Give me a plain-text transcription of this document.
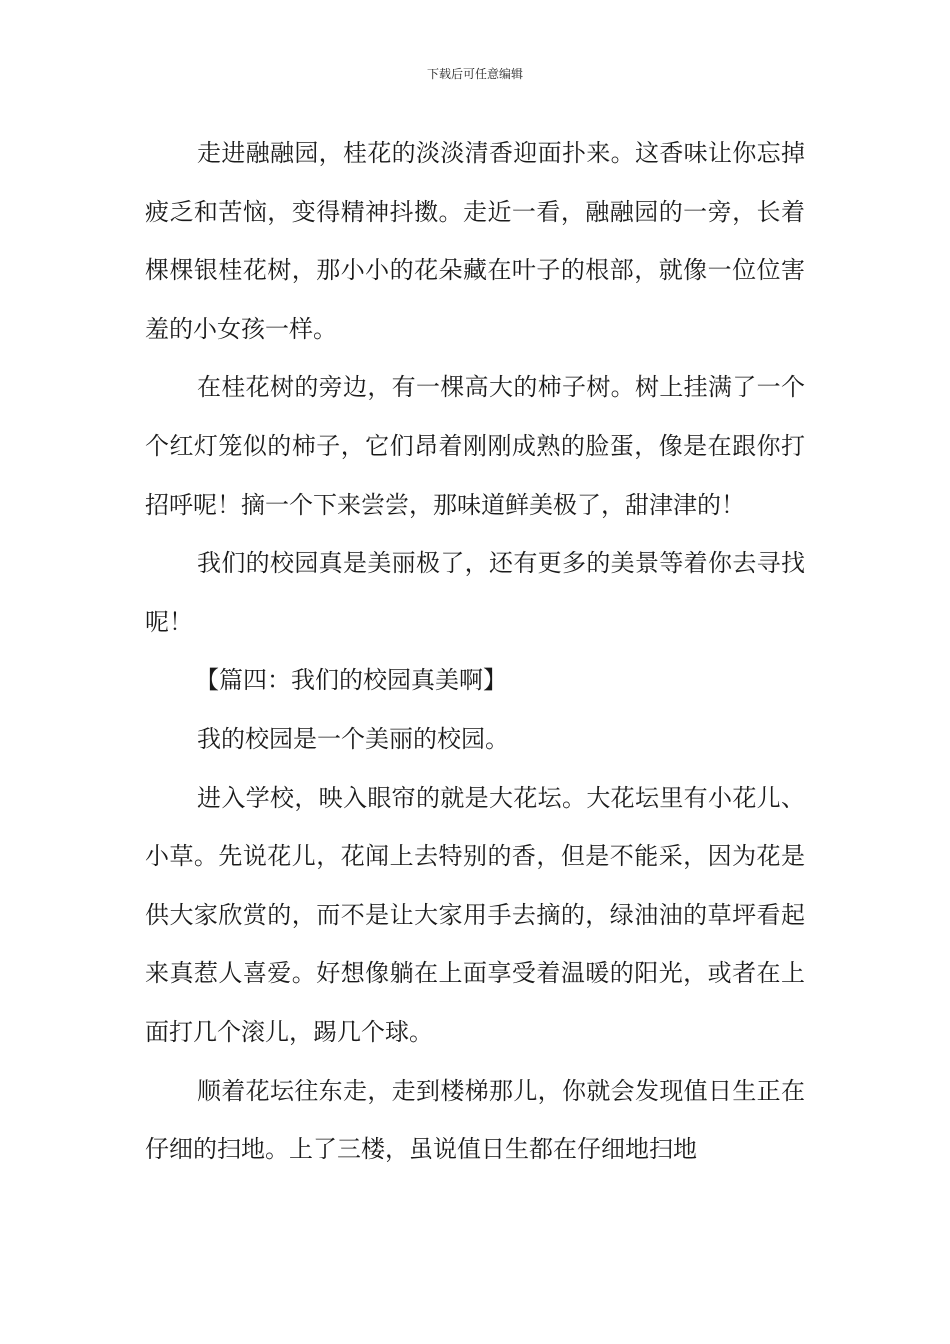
下载后可任意编辑

走进融融园，桂花的淡淡清香迎面扑来。这香味让你忘掉疲乏和苦恼，变得精神抖擞。走近一看，融融园的一旁，长着棵棵银桂花树，那小小的花朵藏在叶子的根部，就像一位位害羞的小女孩一样。

在桂花树的旁边，有一棵高大的柿子树。树上挂满了一个个红灯笼似的柿子，它们昂着刚刚成熟的脸蛋，像是在跟你打招呼呢！摘一个下来尝尝，那味道鲜美极了，甜津津的！

我们的校园真是美丽极了，还有更多的美景等着你去寻找呢！

【篇四：我们的校园真美啊】

我的校园是一个美丽的校园。

进入学校，映入眼帘的就是大花坛。大花坛里有小花儿、小草。先说花儿，花闻上去特别的香，但是不能采，因为花是供大家欣赏的，而不是让大家用手去摘的，绿油油的草坪看起来真惹人喜爱。好想像躺在上面享受着温暖的阳光，或者在上面打几个滚儿，踢几个球。

顺着花坛往东走，走到楼梯那儿，你就会发现值日生正在仔细的扫地。上了三楼，虽说值日生都在仔细地扫地
